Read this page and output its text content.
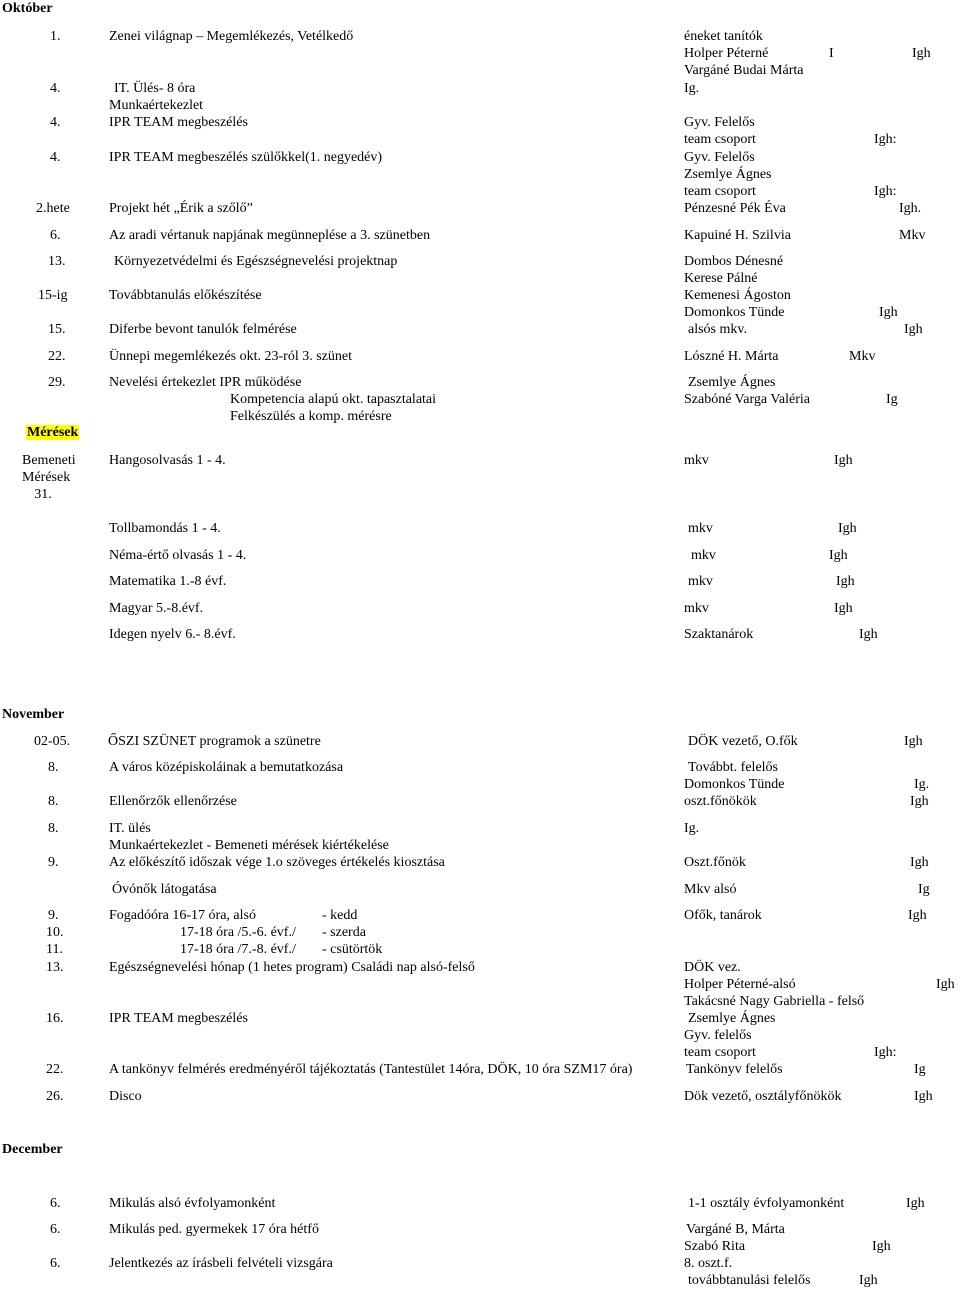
Október
1.	Zenei világnap – Megemlékezés, Vetélkedő	éneket tanítók
Holper Péterné	I	Igh
Vargáné Budai Márta
4.	IT. Ülés- 8 óra	Ig.
Munkaértekezlet
4.	IPR TEAM megbeszélés	Gyv. Felelős
team csoport	Igh:
4.	IPR TEAM megbeszélés szülőkkel(1. negyedév)	Gyv. Felelős
Zsemlye Ágnes
team csoport	Igh:
2.hete	Projekt hét „Érik a szőlő”	Pénzesné Pék Éva	Igh.
6.	Az aradi vértanuk napjának megünneplése a 3. szünetben	Kapuiné H. Szilvia	Mkv
13.	Környezetvédelmi és Egészségnevelési projektnap	Dombos Dénesné
Kerese Pálné
15-ig	Továbbtanulás előkészítése	Kemenesi Ágoston
Domonkos Tünde	Igh
15.	Diferbe bevont tanulók felmérése	alsós mkv.	Igh
22.	Ünnepi megemlékezés okt. 23-ról 3. szünet	Lószné H. Márta	Mkv
29.	Nevelési értekezlet IPR működése	Zsemlye Ágnes
Kompetencia alapú okt. tapasztalatai	Szabóné Varga Valéria	Ig
Felkészülés a komp. mérésre
Mérések
Bemeneti
Mérések
31.
Hangosolvasás 1 - 4.	mkv	Igh
Tollbamondás 1 - 4.	mkv	Igh
Néma-értő olvasás 1 - 4.	mkv	Igh
Matematika 1.-8 évf.	mkv	Igh
Magyar 5.-8.évf.	mkv	Igh
Idegen nyelv 6.- 8.évf.	Szaktanárok	Igh
November
02-05.	ŐSZI SZÜNET programok a szünetre	DÖK vezető, O.fők	Igh
8.	A város középiskoláinak a bemutatkozása	Továbbt. felelős
Domonkos Tünde	Ig.
8.	Ellenőrzők ellenőrzése	oszt.főnökök	Igh
8.	IT. ülés	Ig.
Munkaértekezlet - Bemeneti mérések kiértékelése
9.	Az előkészítő időszak vége 1.o szöveges értékelés kiosztása	Oszt.főnök	Igh
Óvónők látogatása	Mkv alsó	Ig
9.	Fogadóóra 16-17 óra, alsó	- kedd	Ofők, tanárok	Igh
10.	17-18 óra /5.-6. évf./ - szerda
11.	17-18 óra /7.-8. évf./ - csütörtök
13.	Egészségnevelési hónap (1 hetes program) Családi nap alsó-felső	DÖK vez.
Holper Péterné-alsó	Igh
Takácsné Nagy Gabriella - felső
16.	IPR TEAM megbeszélés	Zsemlye Ágnes
Gyv. felelős
team csoport	Igh:
22.	A tankönyv felmérés eredményéről tájékoztatás (Tantestület 14óra, DÖK, 10 óra SZM17 óra)	Tankönyv felelős	Ig
26.	Disco	Dök vezető, osztályfőnökök	Igh
December
6.	Mikulás alsó évfolyamonként	1-1 osztály évfolyamonként	Igh
6.	Mikulás ped. gyermekek 17 óra hétfő	Vargáné B, Márta
Szabó Rita	Igh
6.	Jelentkezés az írásbeli felvételi vizsgára	8. oszt.f.
továbbtanulási felelős	Igh
